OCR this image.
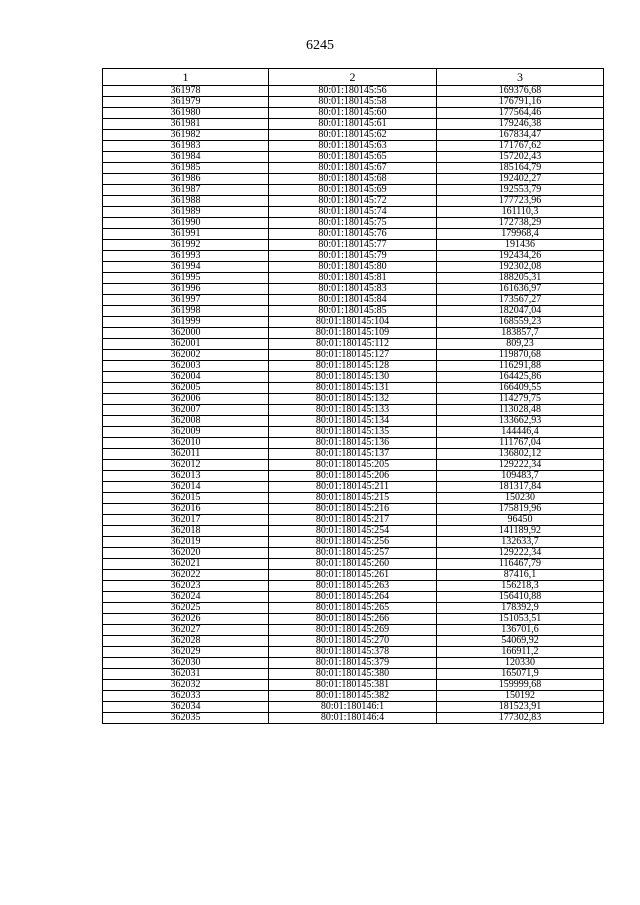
6245
1	2	3
361978	80:01:180145:56	169376,68
361979	80:01:180145:58	176791,16
361980	80:01:180145:60	177564,46
361981	80:01:180145:61	179246,38
361982	80:01:180145:62	167834,47
361983	80:01:180145:63	171767,62
361984	80:01:180145:65	157202,43
361985	80:01:180145:67	185164,79
361986	80:01:180145:68	192402,27
361987	80:01:180145:69	192553,79
361988	80:01:180145:72	177723,96
361989	80:01:180145:74	161110,3
361990	80:01:180145:75	172738,29
361991	80:01:180145:76	179968,4
361992	80:01:180145:77	191436
361993	80:01:180145:79	192434,26
361994	80:01:180145:80	192302,08
361995	80:01:180145:81	188205,31
361996	80:01:180145:83	161636,97
361997	80:01:180145:84	173567,27
361998	80:01:180145:85	182047,04
361999	80:01:180145:104	168559,23
362000	80:01:180145:109	183857,7
362001	80:01:180145:112	809,23
362002	80:01:180145:127	119870,68
362003	80:01:180145:128	116291,88
362004	80:01:180145:130	164425,86
362005	80:01:180145:131	166409,55
362006	80:01:180145:132	114279,75
362007	80:01:180145:133	113028,48
362008	80:01:180145:134	133662,93
362009	80:01:180145:135	144446,4
362010	80:01:180145:136	111767,04
362011	80:01:180145:137	136802,12
362012	80:01:180145:205	129222,34
362013	80:01:180145:206	109483,7
362014	80:01:180145:211	181317,84
362015	80:01:180145:215	150230
362016	80:01:180145:216	175819,96
362017	80:01:180145:217	96450
362018	80:01:180145:254	141189,92
362019	80:01:180145:256	132633,7
362020	80:01:180145:257	129222,34
362021	80:01:180145:260	116467,79
362022	80:01:180145:261	87416,1
362023	80:01:180145:263	156218,3
362024	80:01:180145:264	156410,88
362025	80:01:180145:265	178392,9
362026	80:01:180145:266	151053,51
362027	80:01:180145:269	136701,6
362028	80:01:180145:270	54069,92
362029	80:01:180145:378	166911,2
362030	80:01:180145:379	120330
362031	80:01:180145:380	165071,9
362032	80:01:180145:381	159999,68
362033	80:01:180145:382	150192
362034	80:01:180146:1	181523,91
362035	80:01:180146:4	177302,83
